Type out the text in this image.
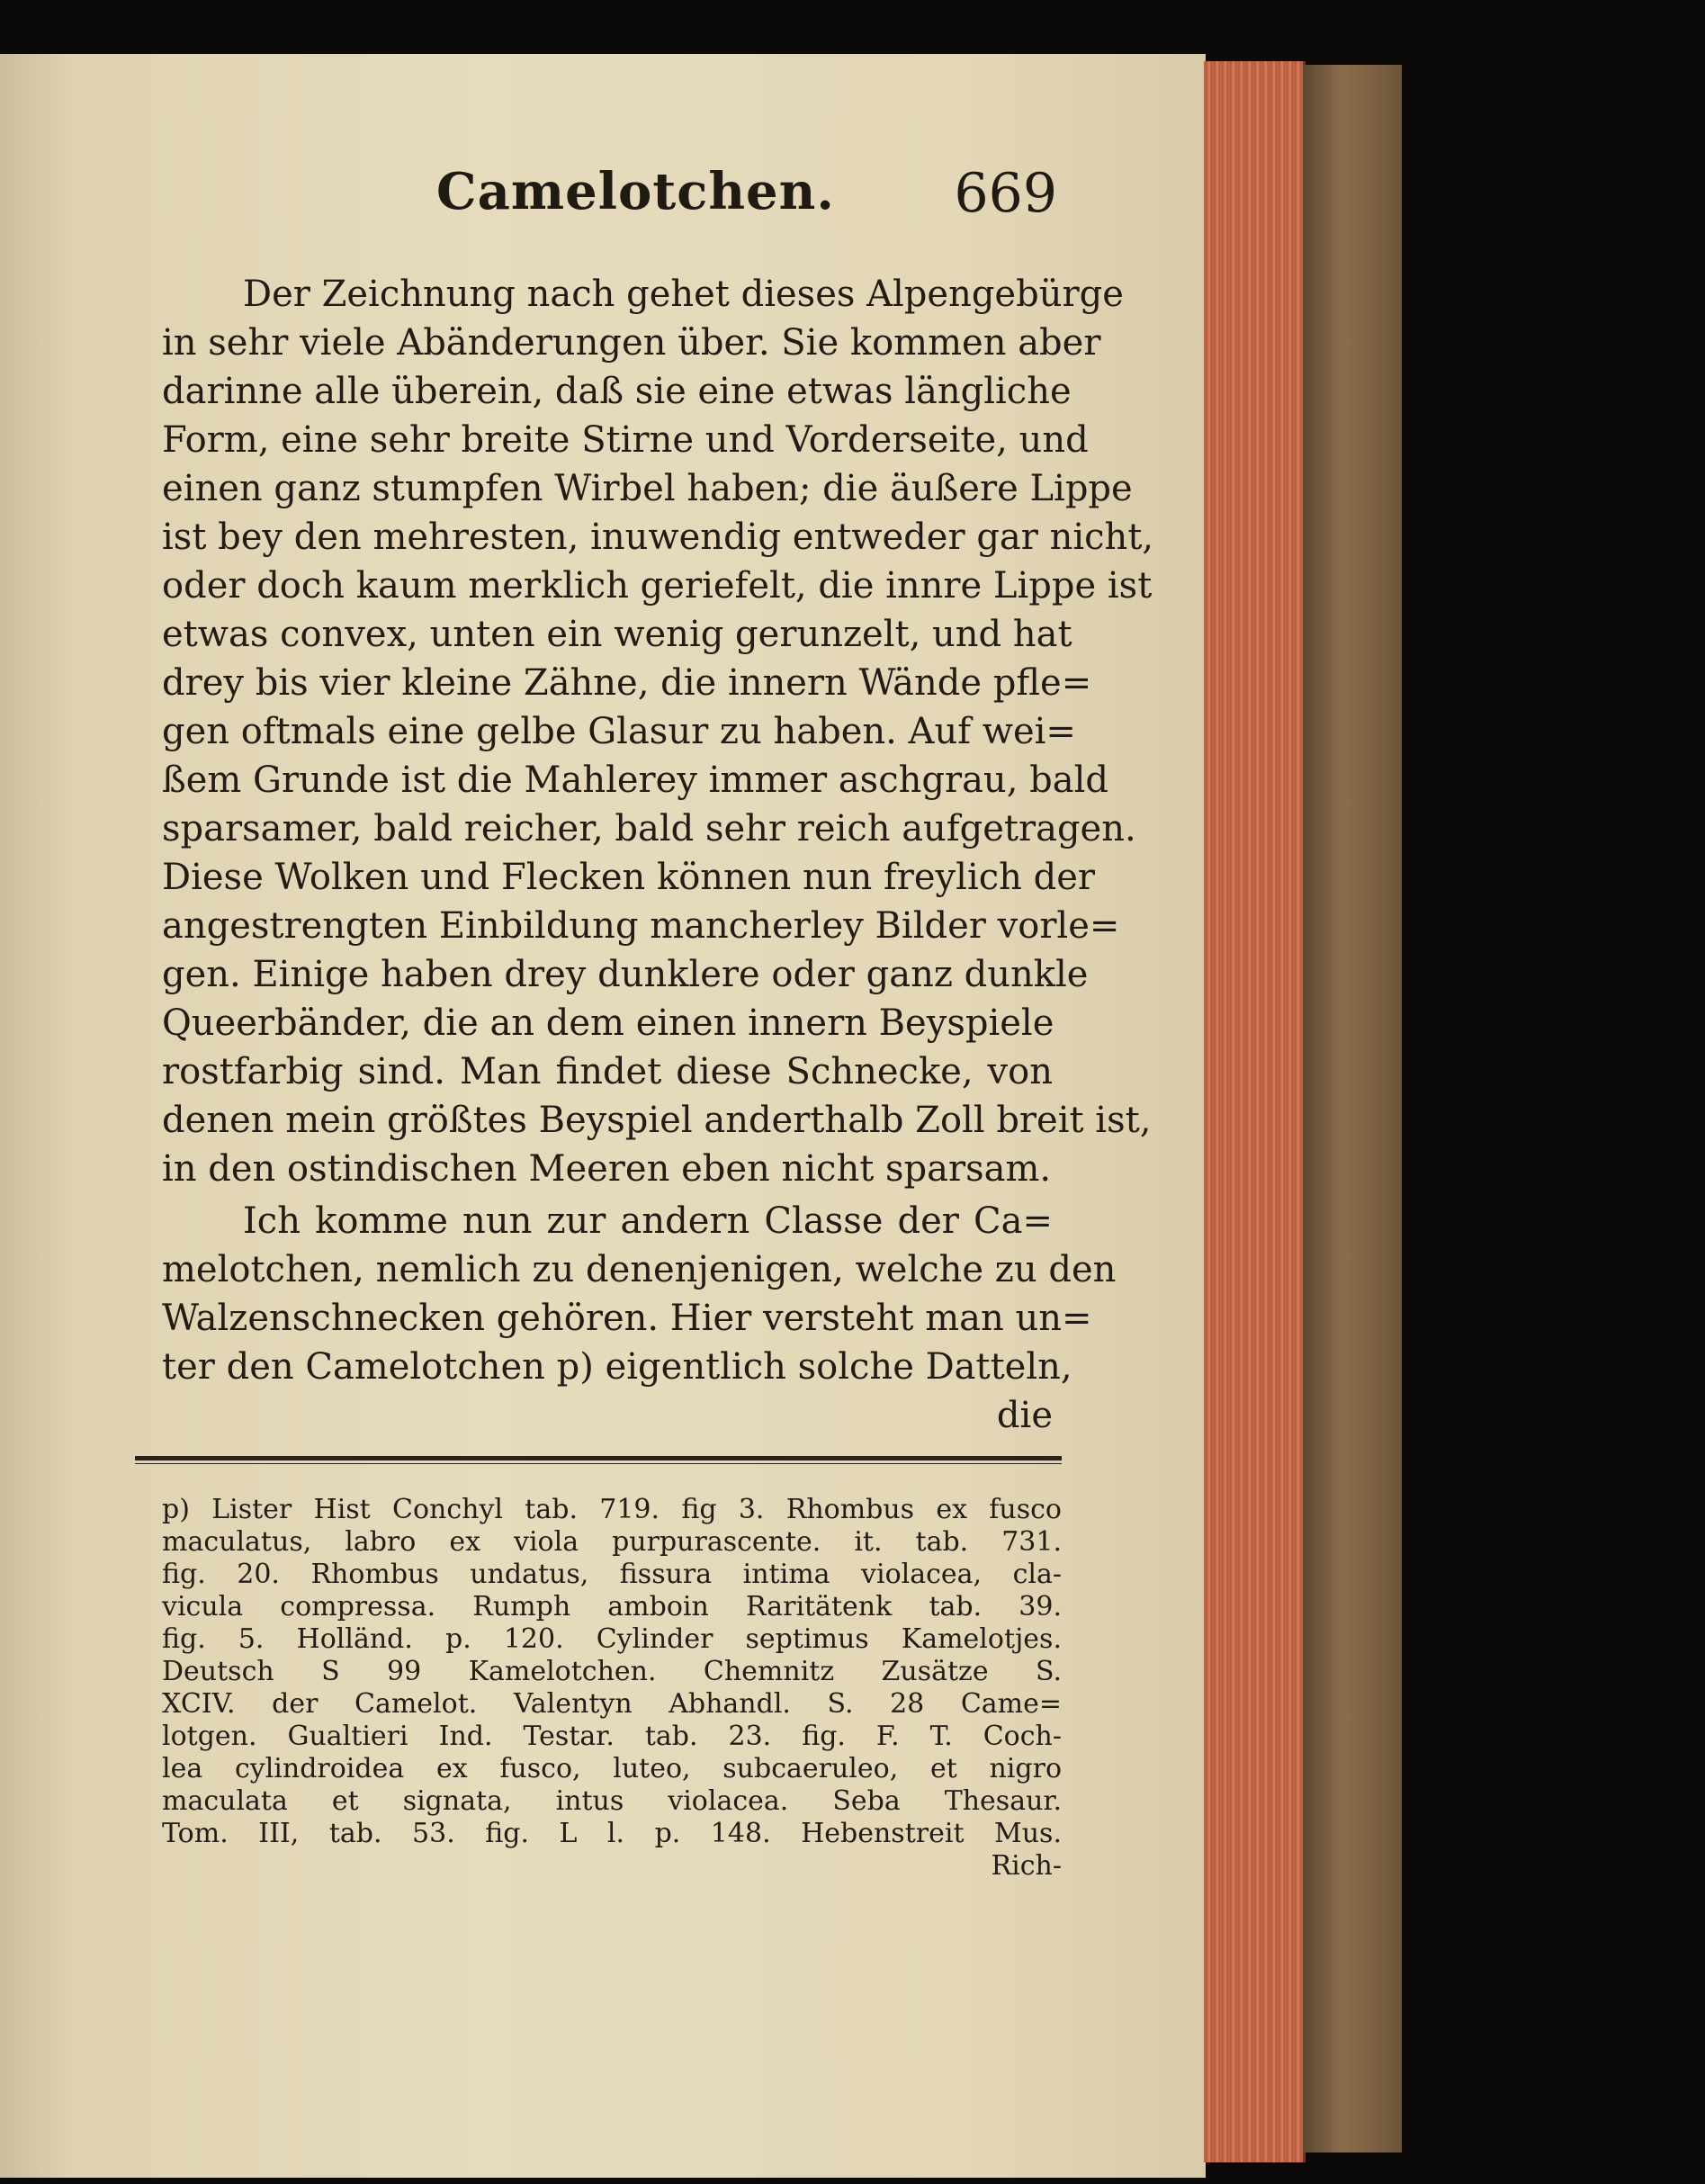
Camelotchen. 669
Der Zeichnung nach gehet dieses Alpengebürge
in sehr viele Abänderungen über. Sie kommen aber
darinne alle überein, daß sie eine etwas längliche
Form, eine sehr breite Stirne und Vorderseite, und
einen ganz stumpfen Wirbel haben; die äußere Lippe
ist bey den mehresten, inuwendig entweder gar nicht,
oder doch kaum merklich geriefelt, die innre Lippe ist
etwas convex, unten ein wenig gerunzelt, und hat
drey bis vier kleine Zähne, die innern Wände pfle=
gen oftmals eine gelbe Glasur zu haben. Auf wei=
ßem Grunde ist die Mahlerey immer aschgrau, bald
sparsamer, bald reicher, bald sehr reich aufgetragen.
Diese Wolken und Flecken können nun freylich der
angestrengten Einbildung mancherley Bilder vorle=
gen. Einige haben drey dunklere oder ganz dunkle
Queerbänder, die an dem einen innern Beyspiele
rostfarbig sind. Man findet diese Schnecke, von
denen mein größtes Beyspiel anderthalb Zoll breit ist,
in den ostindischen Meeren eben nicht sparsam.
Ich komme nun zur andern Classe der Ca=
melotchen, nemlich zu denenjenigen, welche zu den
Walzenschnecken gehören. Hier versteht man un=
ter den Camelotchen p) eigentlich solche Datteln,
die
p) Lister Hist Conchyl tab. 719. fig 3. Rhombus ex fusco
maculatus, labro ex viola purpurascente. it. tab. 731.
fig. 20. Rhombus undatus, fissura intima violacea, cla-
vicula compressa. Rumph amboin Raritätenk tab. 39.
fig. 5. Holländ. p. 120. Cylinder septimus Kamelotjes.
Deutsch S 99 Kamelotchen. Chemnitz Zusätze S.
XCIV. der Camelot. Valentyn Abhandl. S. 28 Came=
lotgen. Gualtieri Ind. Testar. tab. 23. fig. F. T. Coch-
lea cylindroidea ex fusco, luteo, subcaeruleo, et nigro
maculata et signata, intus violacea. Seba Thesaur.
Tom. III, tab. 53. fig. L l. p. 148. Hebenstreit Mus.
Rich-
